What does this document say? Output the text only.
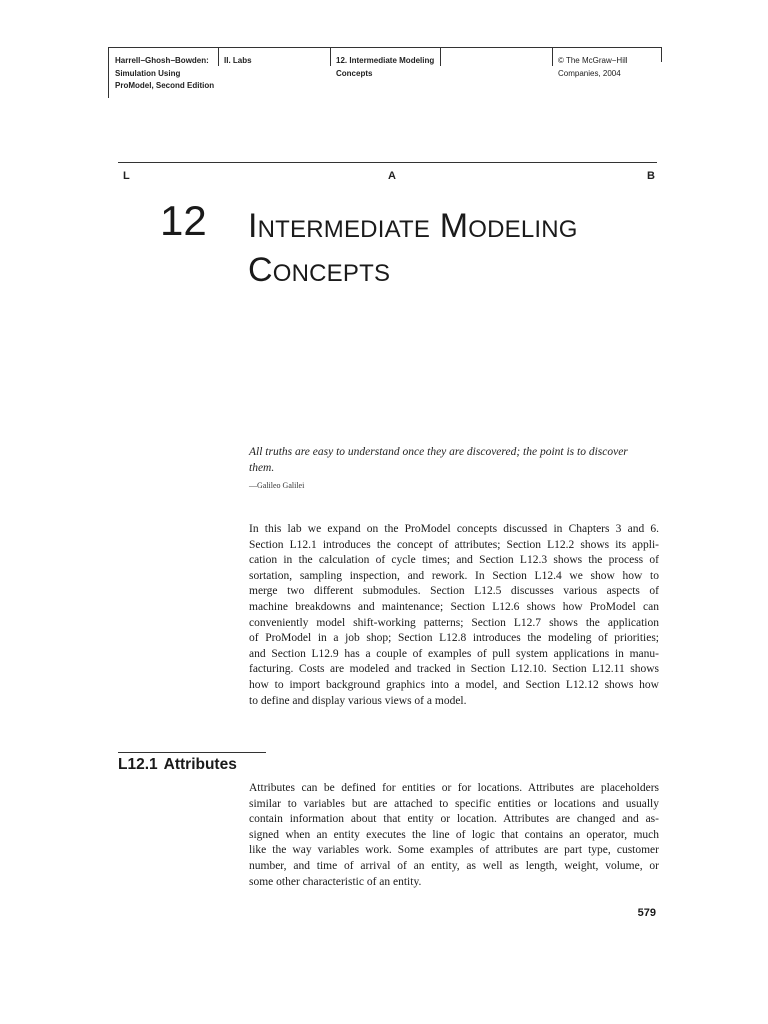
Harrell−Ghosh−Bowden:
Simulation Using
ProModel, Second Edition
II. Labs	12. Intermediate Modeling
Concepts
© The McGraw−Hill
Companies, 2004
L	A	B
12 Intermediate Modeling
Concepts
All truths are easy to understand once they are discovered; the point is to discover them.
—Galileo Galilei
In this lab we expand on the ProModel concepts discussed in Chapters 3 and 6.
Section L12.1 introduces the concept of attributes; Section L12.2 shows its appli-
cation in the calculation of cycle times; and Section L12.3 shows the process of
sortation, sampling inspection, and rework. In Section L12.4 we show how to
merge two different submodules. Section L12.5 discusses various aspects of
machine breakdowns and maintenance; Section L12.6 shows how ProModel can
conveniently model shift-working patterns; Section L12.7 shows the application
of ProModel in a job shop; Section L12.8 introduces the modeling of priorities;
and Section L12.9 has a couple of examples of pull system applications in manu-
facturing. Costs are modeled and tracked in Section L12.10. Section L12.11 shows
how to import background graphics into a model, and Section L12.12 shows how
to define and display various views of a model.
L12.1 Attributes
Attributes can be defined for entities or for locations. Attributes are placeholders
similar to variables but are attached to specific entities or locations and usually
contain information about that entity or location. Attributes are changed and as-
signed when an entity executes the line of logic that contains an operator, much
like the way variables work. Some examples of attributes are part type, customer
number, and time of arrival of an entity, as well as length, weight, volume, or
some other characteristic of an entity.
579
